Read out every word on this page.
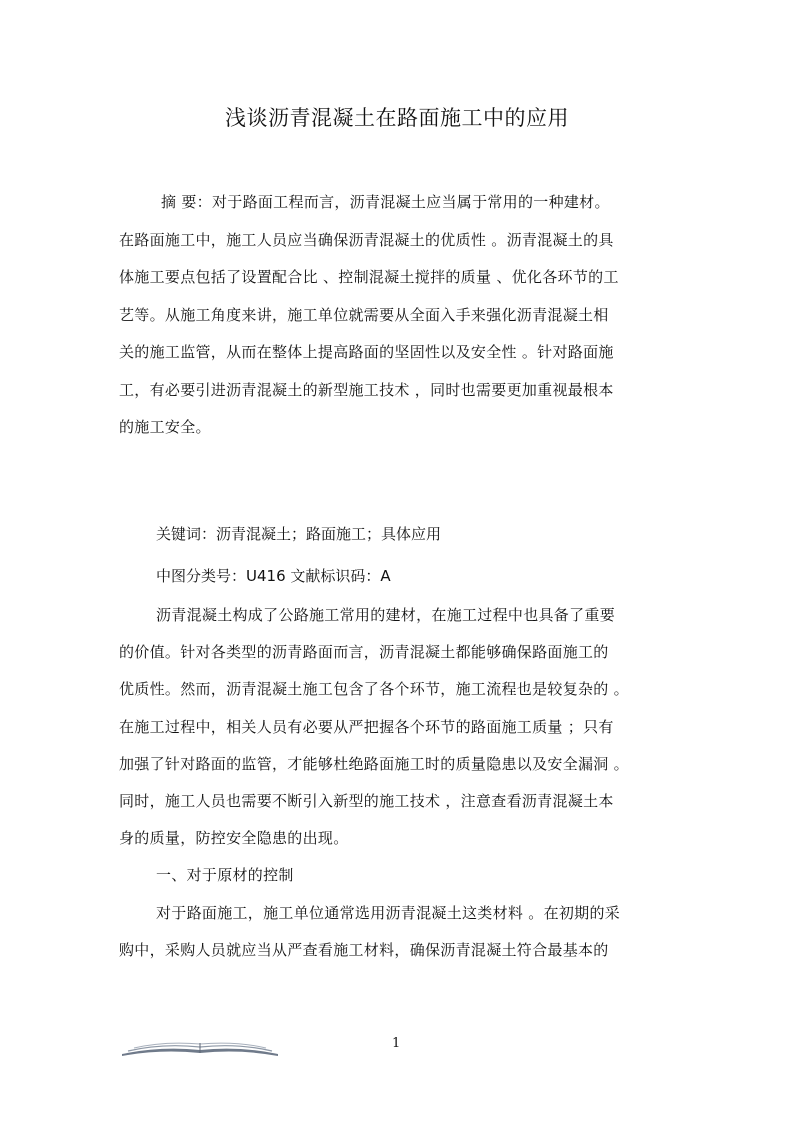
浅谈沥青混凝土在路面施工中的应用

摘 要：对于路面工程而言，沥青混凝土应当属于常用的一种建材。

在路面施工中，施工人员应当确保沥青混凝土的优质性 。沥青混凝土的具

体施工要点包括了设置配合比 、控制混凝土搅拌的质量 、优化各环节的工

艺等。从施工角度来讲，施工单位就需要从全面入手来强化沥青混凝土相

关的施工监管，从而在整体上提高路面的坚固性以及安全性 。针对路面施

工，有必要引进沥青混凝土的新型施工技术 ，同时也需要更加重视最根本

的施工安全。

关键词：沥青混凝土；路面施工；具体应用
中图分类号：U416 文献标识码：A

沥青混凝土构成了公路施工常用的建材，在施工过程中也具备了重要

的价值。针对各类型的沥青路面而言，沥青混凝土都能够确保路面施工的

优质性。然而，沥青混凝土施工包含了各个环节，施工流程也是较复杂的 。

在施工过程中，相关人员有必要从严把握各个环节的路面施工质量 ；只有

加强了针对路面的监管，才能够杜绝路面施工时的质量隐患以及安全漏洞 。

同时，施工人员也需要不断引入新型的施工技术 ，注意查看沥青混凝土本

身的质量，防控安全隐患的出现。

一、对于原材的控制

对于路面施工，施工单位通常选用沥青混凝土这类材料 。在初期的采

购中，采购人员就应当从严查看施工材料，确保沥青混凝土符合最基本的

1
